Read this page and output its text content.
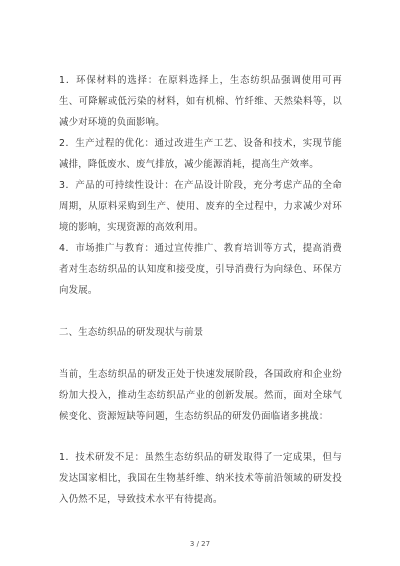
1．环保材料的选择：在原料选择上，生态纺织品强调使用可再生、可降解或低污染的材料，如有机棉、竹纤维、天然染料等，以减少对环境的负面影响。

2．生产过程的优化：通过改进生产工艺、设备和技术，实现节能减排，降低废水、废气排放，减少能源消耗，提高生产效率。

3．产品的可持续性设计：在产品设计阶段，充分考虑产品的全命周期，从原料采购到生产、使用、废弃的全过程中，力求减少对环境的影响，实现资源的高效利用。

4．市场推广与教育：通过宣传推广、教育培训等方式，提高消费者对生态纺织品的认知度和接受度，引导消费行为向绿色、环保方向发展。

二、生态纺织品的研发现状与前景

当前，生态纺织品的研发正处于快速发展阶段，各国政府和企业纷纷加大投入，推动生态纺织品产业的创新发展。然而，面对全球气候变化、资源短缺等问题，生态纺织品的研发仍面临诸多挑战：

1．技术研发不足：虽然生态纺织品的研发取得了一定成果，但与发达国家相比，我国在生物基纤维、纳米技术等前沿领域的研发投入仍然不足，导致技术水平有待提高。

3 / 27
